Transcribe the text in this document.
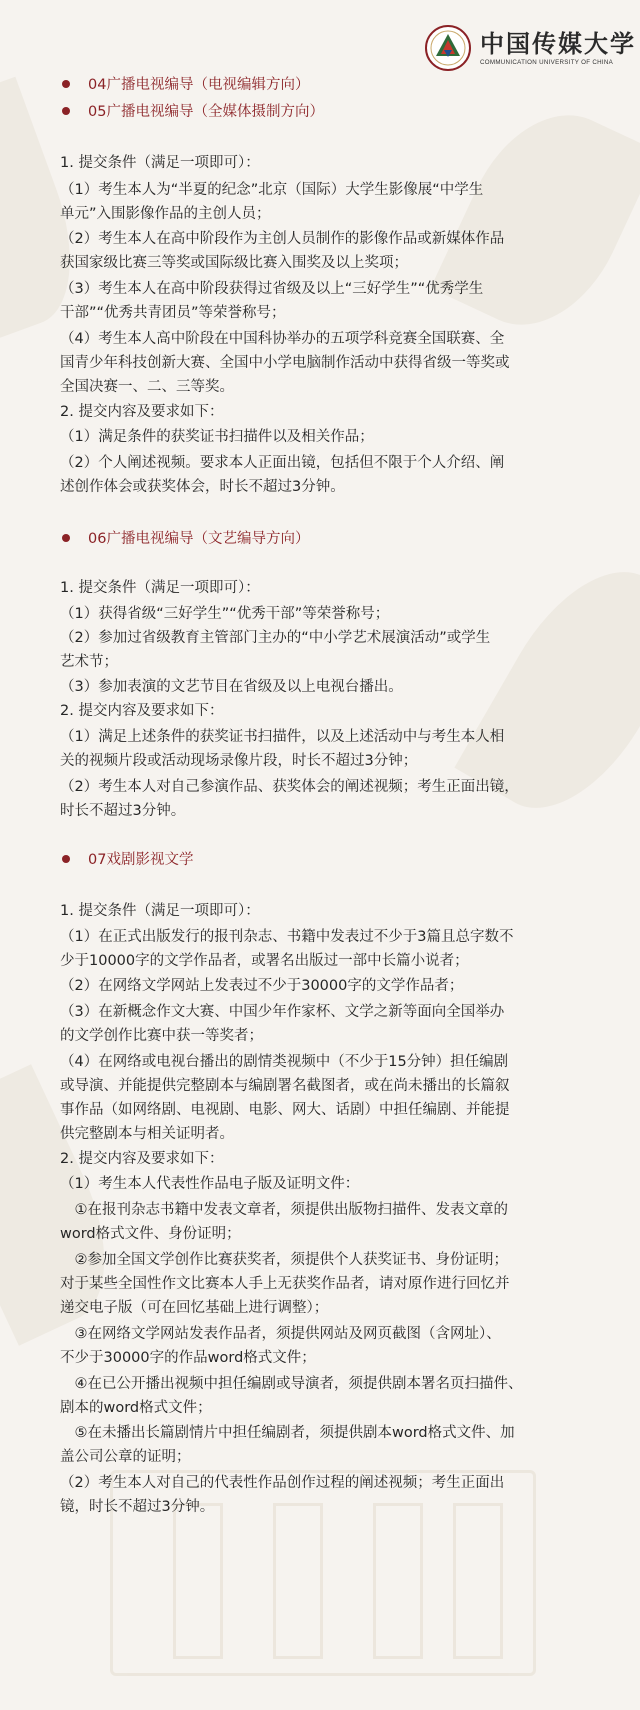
中国传媒大学
COMMUNICATION UNIVERSITY OF CHINA
04广播电视编导（电视编辑方向）
05广播电视编导（全媒体摄制方向）
1. 提交条件（满足一项即可）：
（1）考生本人为“半夏的纪念”北京（国际）大学生影像展“中学生
单元”入围影像作品的主创人员；
（2）考生本人在高中阶段作为主创人员制作的影像作品或新媒体作品
获国家级比赛三等奖或国际级比赛入围奖及以上奖项；
（3）考生本人在高中阶段获得过省级及以上“三好学生”“优秀学生
干部”“优秀共青团员”等荣誉称号；
（4）考生本人高中阶段在中国科协举办的五项学科竞赛全国联赛、全
国青少年科技创新大赛、全国中小学电脑制作活动中获得省级一等奖或
全国决赛一、二、三等奖。
2. 提交内容及要求如下：
（1）满足条件的获奖证书扫描件以及相关作品；
（2）个人阐述视频。要求本人正面出镜，包括但不限于个人介绍、阐
述创作体会或获奖体会，时长不超过3分钟。
06广播电视编导（文艺编导方向）
1. 提交条件（满足一项即可）：
（1）获得省级“三好学生”“优秀干部”等荣誉称号；
（2）参加过省级教育主管部门主办的“中小学艺术展演活动”或学生
艺术节；
（3）参加表演的文艺节目在省级及以上电视台播出。
2. 提交内容及要求如下：
（1）满足上述条件的获奖证书扫描件，以及上述活动中与考生本人相
关的视频片段或活动现场录像片段，时长不超过3分钟；
（2）考生本人对自己参演作品、获奖体会的阐述视频；考生正面出镜，
时长不超过3分钟。
07戏剧影视文学
1. 提交条件（满足一项即可）：
（1）在正式出版发行的报刊杂志、书籍中发表过不少于3篇且总字数不
少于10000字的文学作品者，或署名出版过一部中长篇小说者；
（2）在网络文学网站上发表过不少于30000字的文学作品者；
（3）在新概念作文大赛、中国少年作家杯、文学之新等面向全国举办
的文学创作比赛中获一等奖者；
（4）在网络或电视台播出的剧情类视频中（不少于15分钟）担任编剧
或导演、并能提供完整剧本与编剧署名截图者，或在尚未播出的长篇叙
事作品（如网络剧、电视剧、电影、网大、话剧）中担任编剧、并能提
供完整剧本与相关证明者。
2. 提交内容及要求如下：
（1）考生本人代表性作品电子版及证明文件：
　①在报刊杂志书籍中发表文章者，须提供出版物扫描件、发表文章的
word格式文件、身份证明；
　②参加全国文学创作比赛获奖者，须提供个人获奖证书、身份证明；
对于某些全国性作文比赛本人手上无获奖作品者，请对原作进行回忆并
递交电子版（可在回忆基础上进行调整）；
　③在网络文学网站发表作品者，须提供网站及网页截图（含网址）、
不少于30000字的作品word格式文件；
　④在已公开播出视频中担任编剧或导演者，须提供剧本署名页扫描件、
剧本的word格式文件；
　⑤在未播出长篇剧情片中担任编剧者，须提供剧本word格式文件、加
盖公司公章的证明；
（2）考生本人对自己的代表性作品创作过程的阐述视频；考生正面出
镜，时长不超过3分钟。
